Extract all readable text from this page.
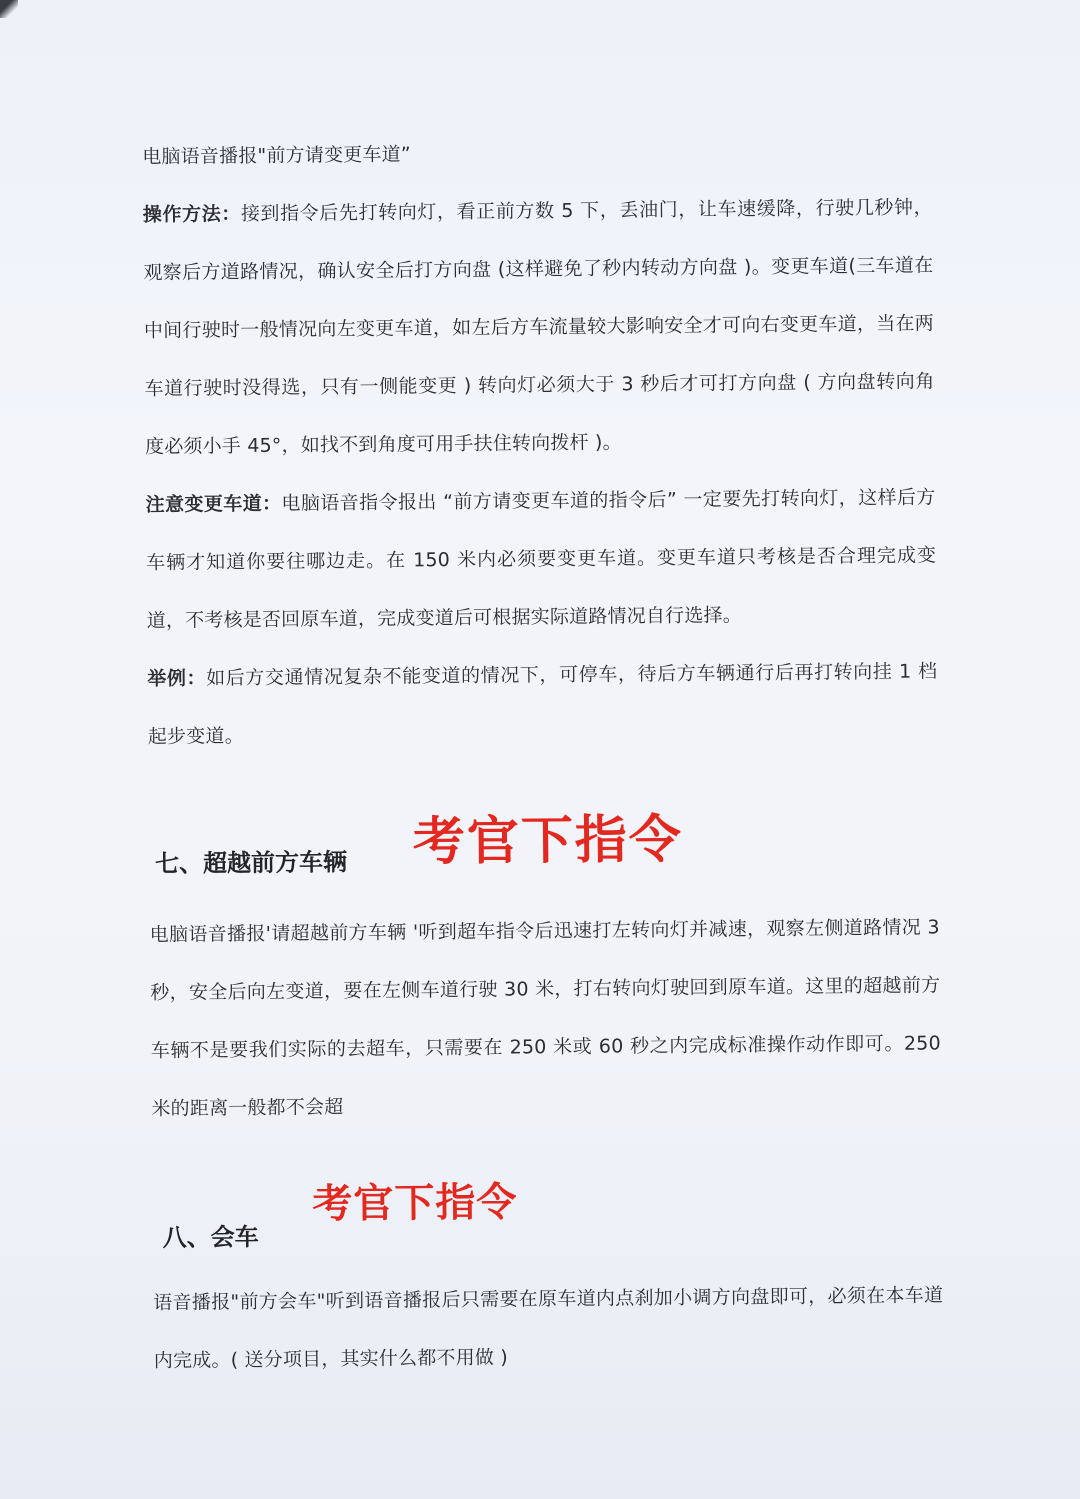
电脑语音播报"前方请变更车道”

操作方法：接到指令后先打转向灯，看正前方数 5 下，丢油门，让车速缓降，行驶几秒钟，观察后方道路情况，确认安全后打方向盘 (这样避免了秒内转动方向盘 )。变更车道(三车道在中间行驶时一般情况向左变更车道，如左后方车流量较大影响安全才可向右变更车道，当在两车道行驶时没得选，只有一侧能变更 ) 转向灯必须大于 3 秒后才可打方向盘 ( 方向盘转向角度必须小手 45°，如找不到角度可用手扶住转向拨杆 )。

注意变更车道：电脑语音指令报出 “前方请变更车道的指令后” 一定要先打转向灯，这样后方车辆才知道你要往哪边走。在 150 米内必须要变更车道。变更车道只考核是否合理完成变道，不考核是否回原车道，完成变道后可根据实际道路情况自行选择。

举例：如后方交通情况复杂不能变道的情况下，可停车，待后方车辆通行后再打转向挂 1 档起步变道。

七、超越前方车辆 考官下指令

电脑语音播报'请超越前方车辆 '听到超车指令后迅速打左转向灯并减速，观察左侧道路情况 3 秒，安全后向左变道，要在左侧车道行驶 30 米，打右转向灯驶回到原车道。这里的超越前方车辆不是要我们实际的去超车，只需要在 250 米或 60 秒之内完成标准操作动作即可。250 米的距离一般都不会超

八、会车
考官下指令

语音播报"前方会车"听到语音播报后只需要在原车道内点刹加小调方向盘即可，必须在本车道内完成。( 送分项目，其实什么都不用做 )
